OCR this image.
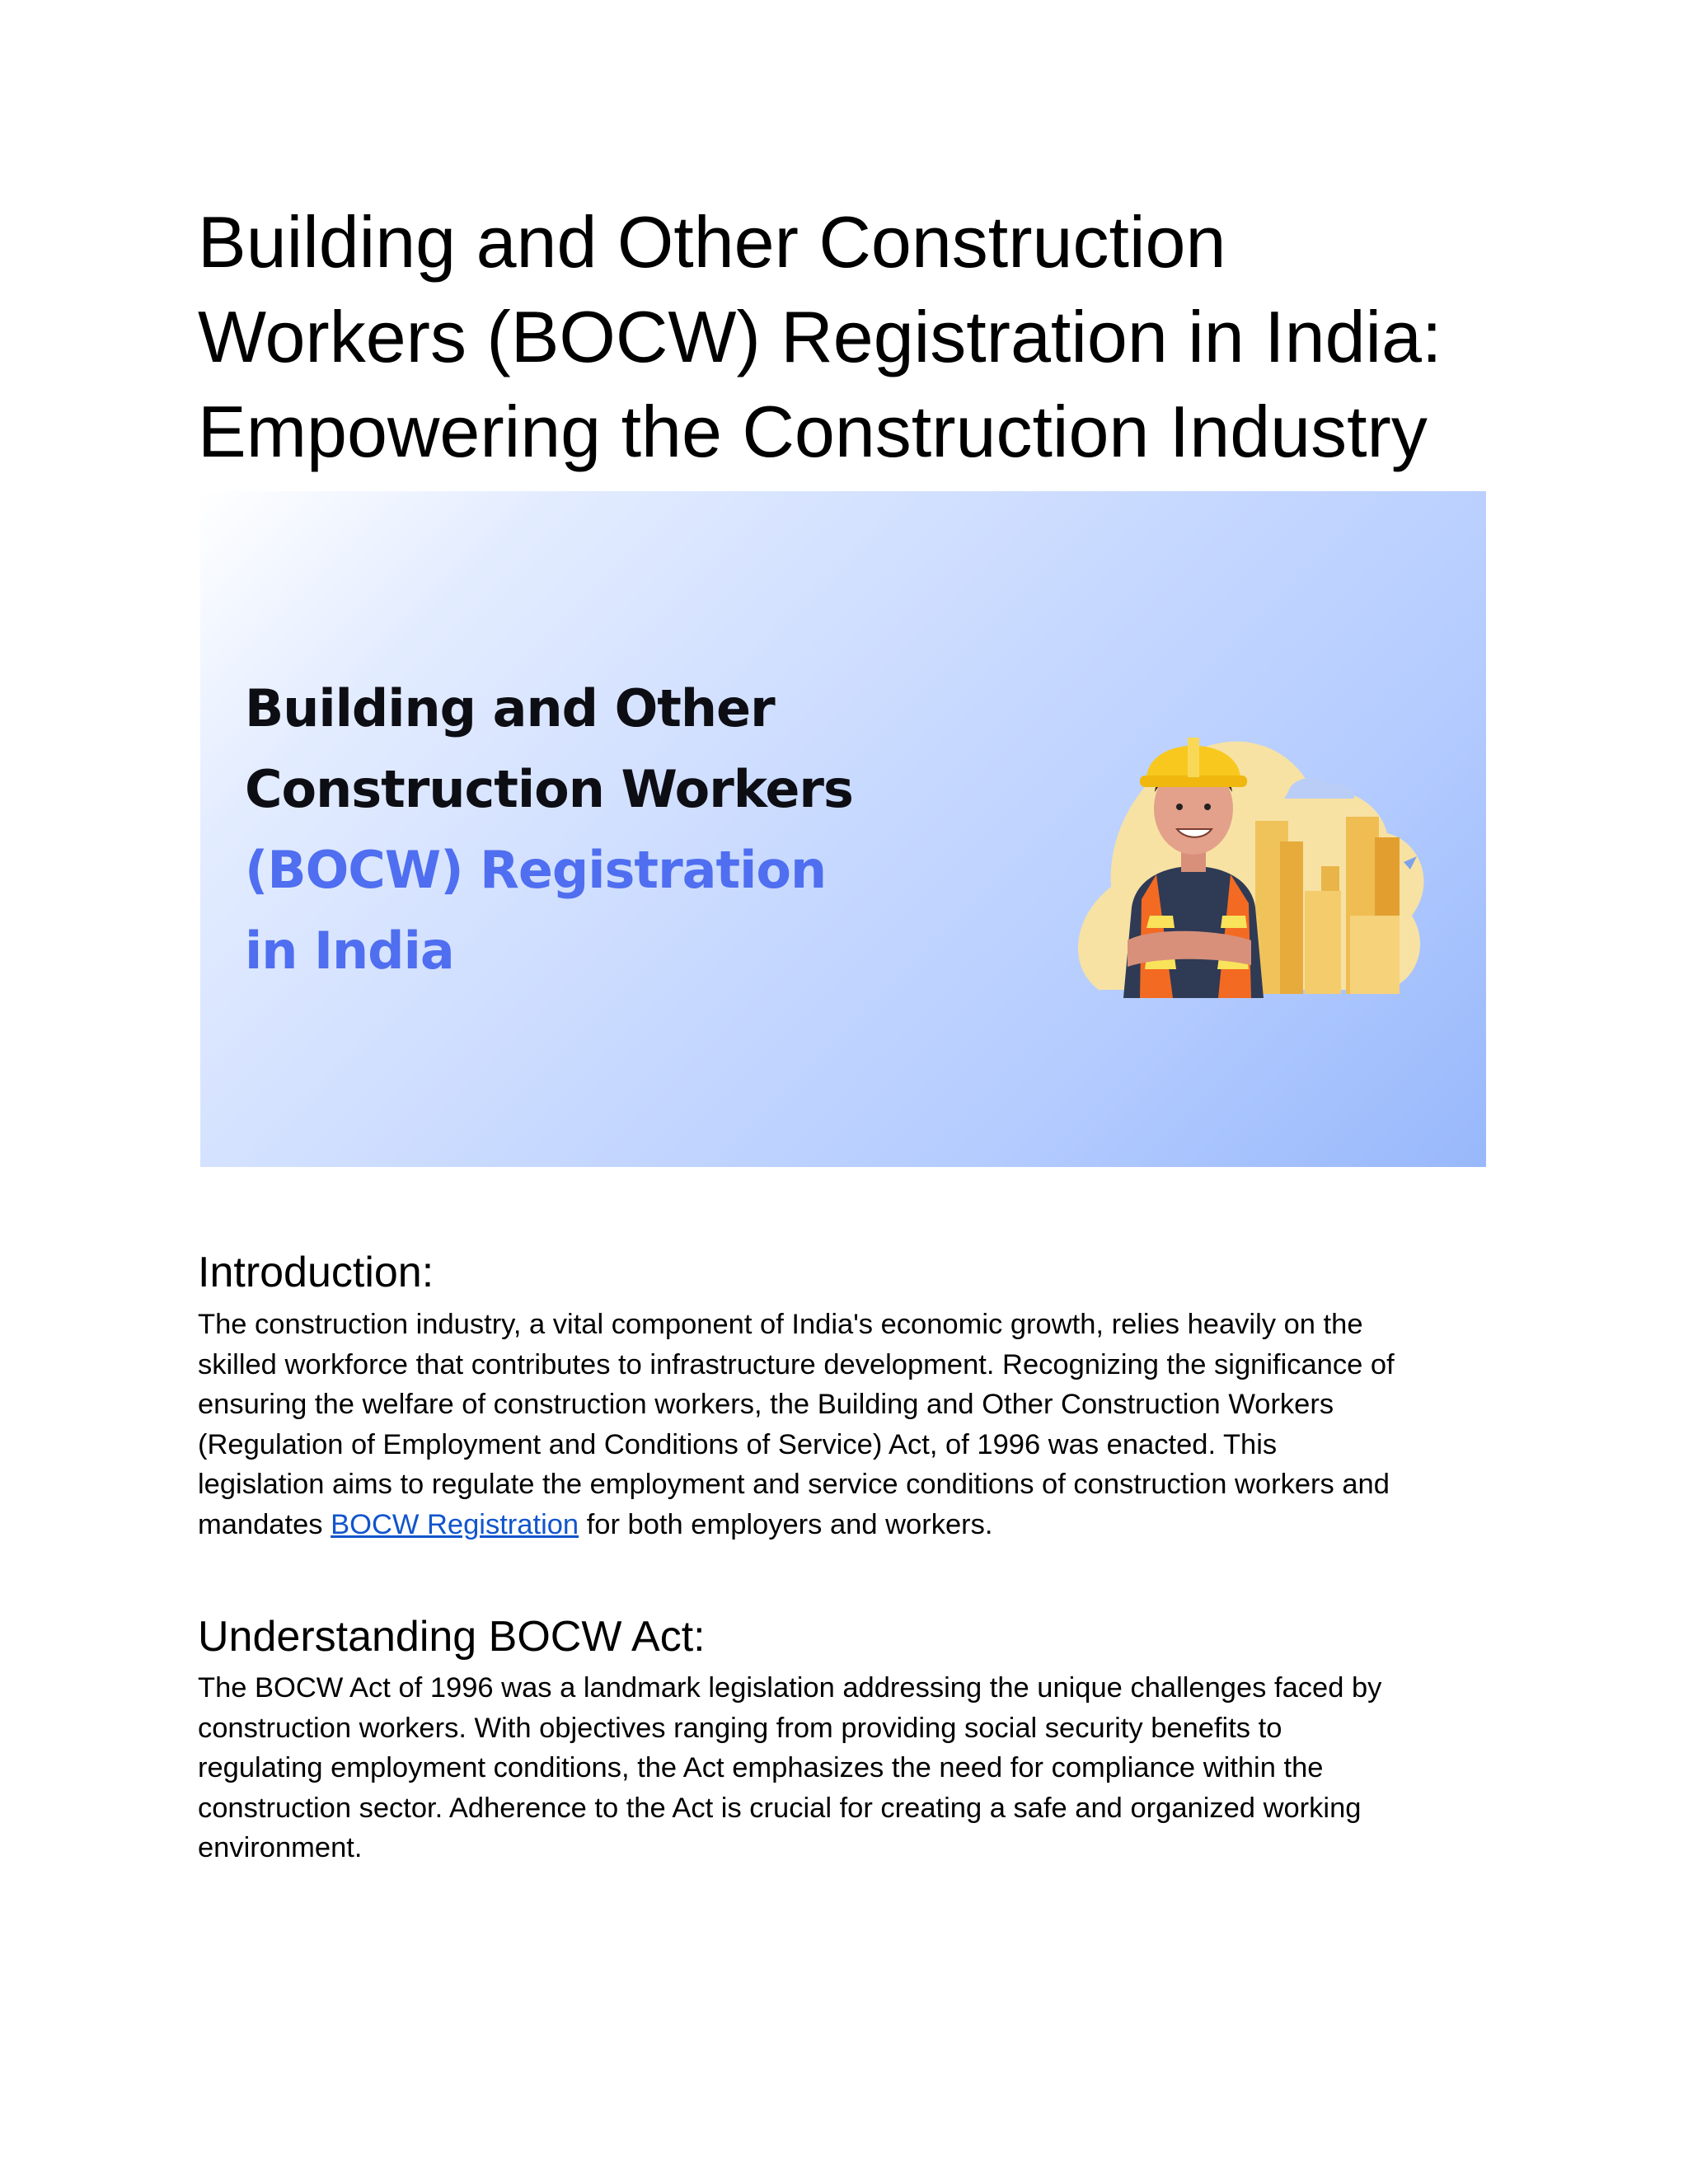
Building and Other Construction
Workers (BOCW) Registration in India:
Empowering the Construction Industry
Building and Other
Construction Workers
(BOCW) Registration
in India
Introduction:

The construction industry, a vital component of India's economic growth, relies heavily on the
skilled workforce that contributes to infrastructure development. Recognizing the significance of
ensuring the welfare of construction workers, the Building and Other Construction Workers
(Regulation of Employment and Conditions of Service) Act, of 1996 was enacted. This
legislation aims to regulate the employment and service conditions of construction workers and
mandates BOCW Registration for both employers and workers.

Understanding BOCW Act:

The BOCW Act of 1996 was a landmark legislation addressing the unique challenges faced by
construction workers. With objectives ranging from providing social security benefits to
regulating employment conditions, the Act emphasizes the need for compliance within the
construction sector. Adherence to the Act is crucial for creating a safe and organized working
environment.
